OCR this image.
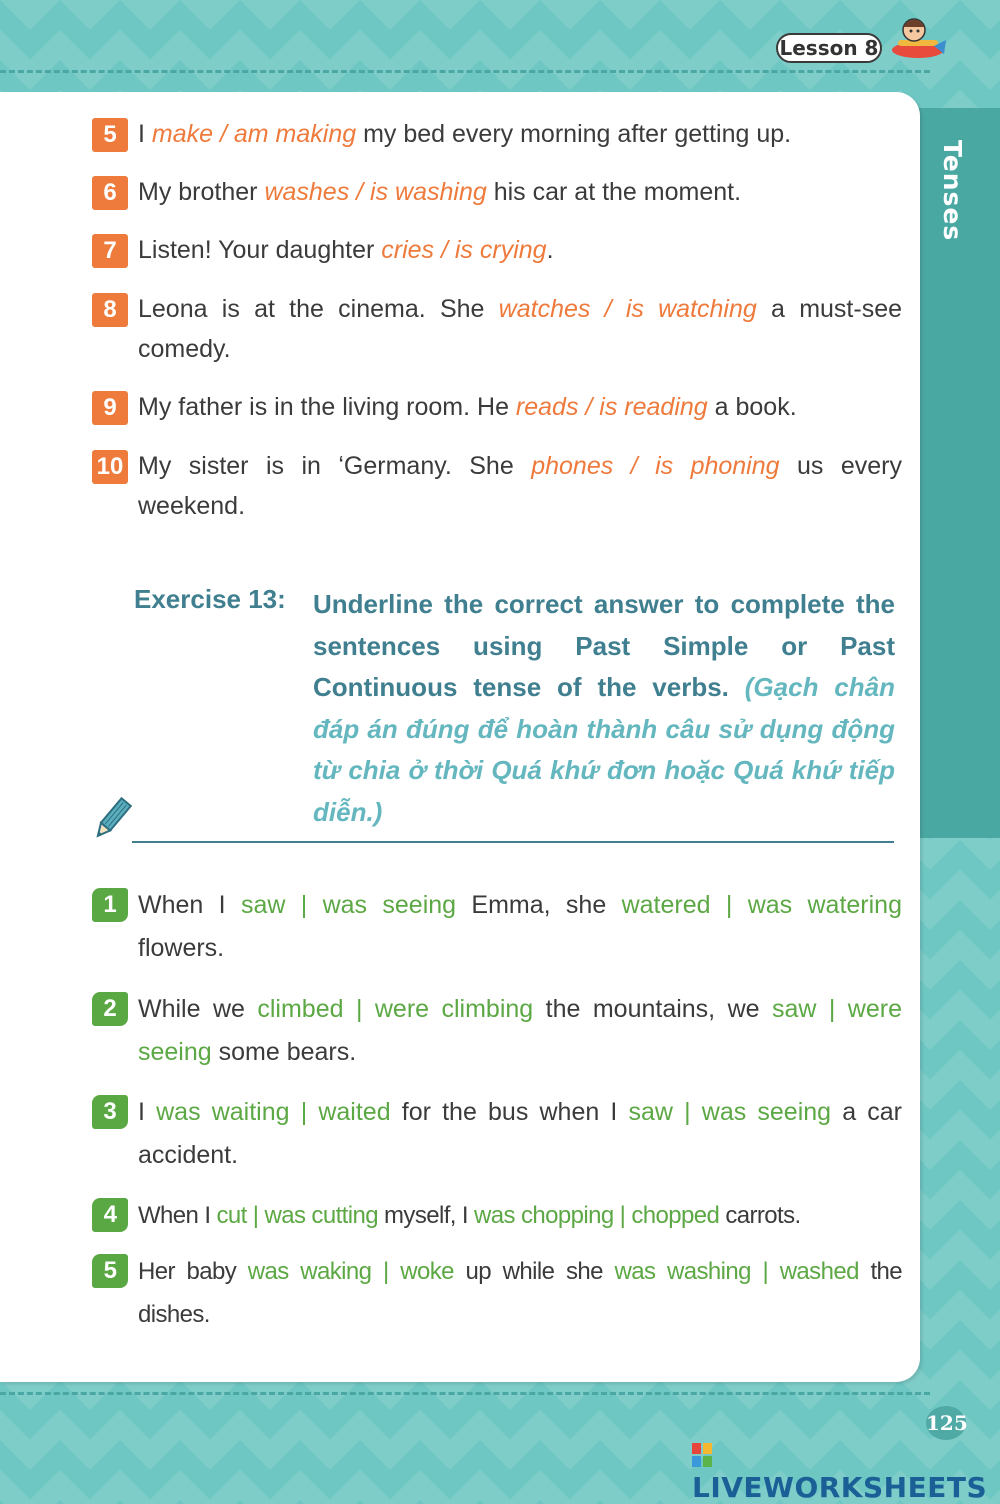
Lesson 8
Tenses
5 I make / am making my bed every morning after getting up.
6 My brother washes / is washing his car at the moment.
7 Listen! Your daughter cries / is crying.
8 Leona is at the cinema. She watches / is watching a must-see comedy.
9 My father is in the living room. He reads / is reading a book.
10 My sister is in ʻGermany. She phones / is phoning us every weekend.
Exercise 13: Underline the correct answer to complete the sentences using Past Simple or Past Continuous tense of the verbs. (Gạch chân đáp án đúng để hoàn thành câu sử dụng động từ chia ở thời Quá khứ đơn hoặc Quá khứ tiếp diễn.)
1 When I saw | was seeing Emma, she watered | was watering flowers.
2 While we climbed | were climbing the mountains, we saw | were seeing some bears.
3 I was waiting | waited for the bus when I saw | was seeing a car accident.
4 When I cut | was cutting myself, I was chopping | chopped carrots.
5 Her baby was waking | woke up while she was washing | washed the dishes.
125
LIVEWORKSHEETS
